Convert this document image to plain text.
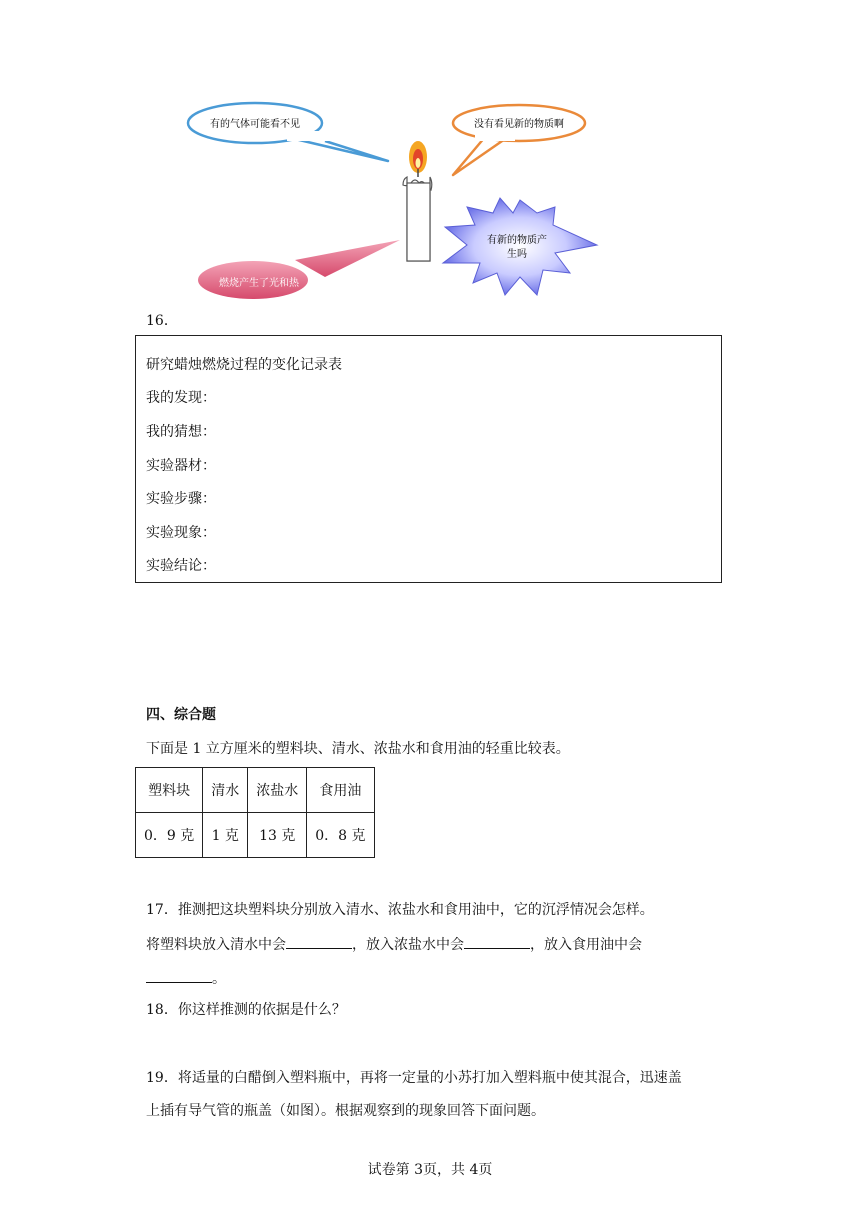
有的气体可能看不见	没有看见新的物质啊
有新的物质产
生吗
燃烧产生了光和热
16．
研究蜡烛燃烧过程的变化记录表
我的发现：
我的猜想：
实验器材：
实验步骤：
实验现象：
实验结论：
四、综合题
下面是 1 立方厘米的塑料块、清水、浓盐水和食用油的轻重比较表。
塑料块	清水	浓盐水	食用油
0．9 克	1 克	13 克	0．8 克
17．推测把这块塑料块分别放入清水、浓盐水和食用油中，它的沉浮情况会怎样。
将塑料块放入清水中会	，放入浓盐水中会	，放入食用油中会
。
18．你这样推测的依据是什么？
19．将适量的白醋倒入塑料瓶中，再将一定量的小苏打加入塑料瓶中使其混合，迅速盖
上插有导气管的瓶盖（如图）。根据观察到的现象回答下面问题。
试卷第 3页，共 4页
